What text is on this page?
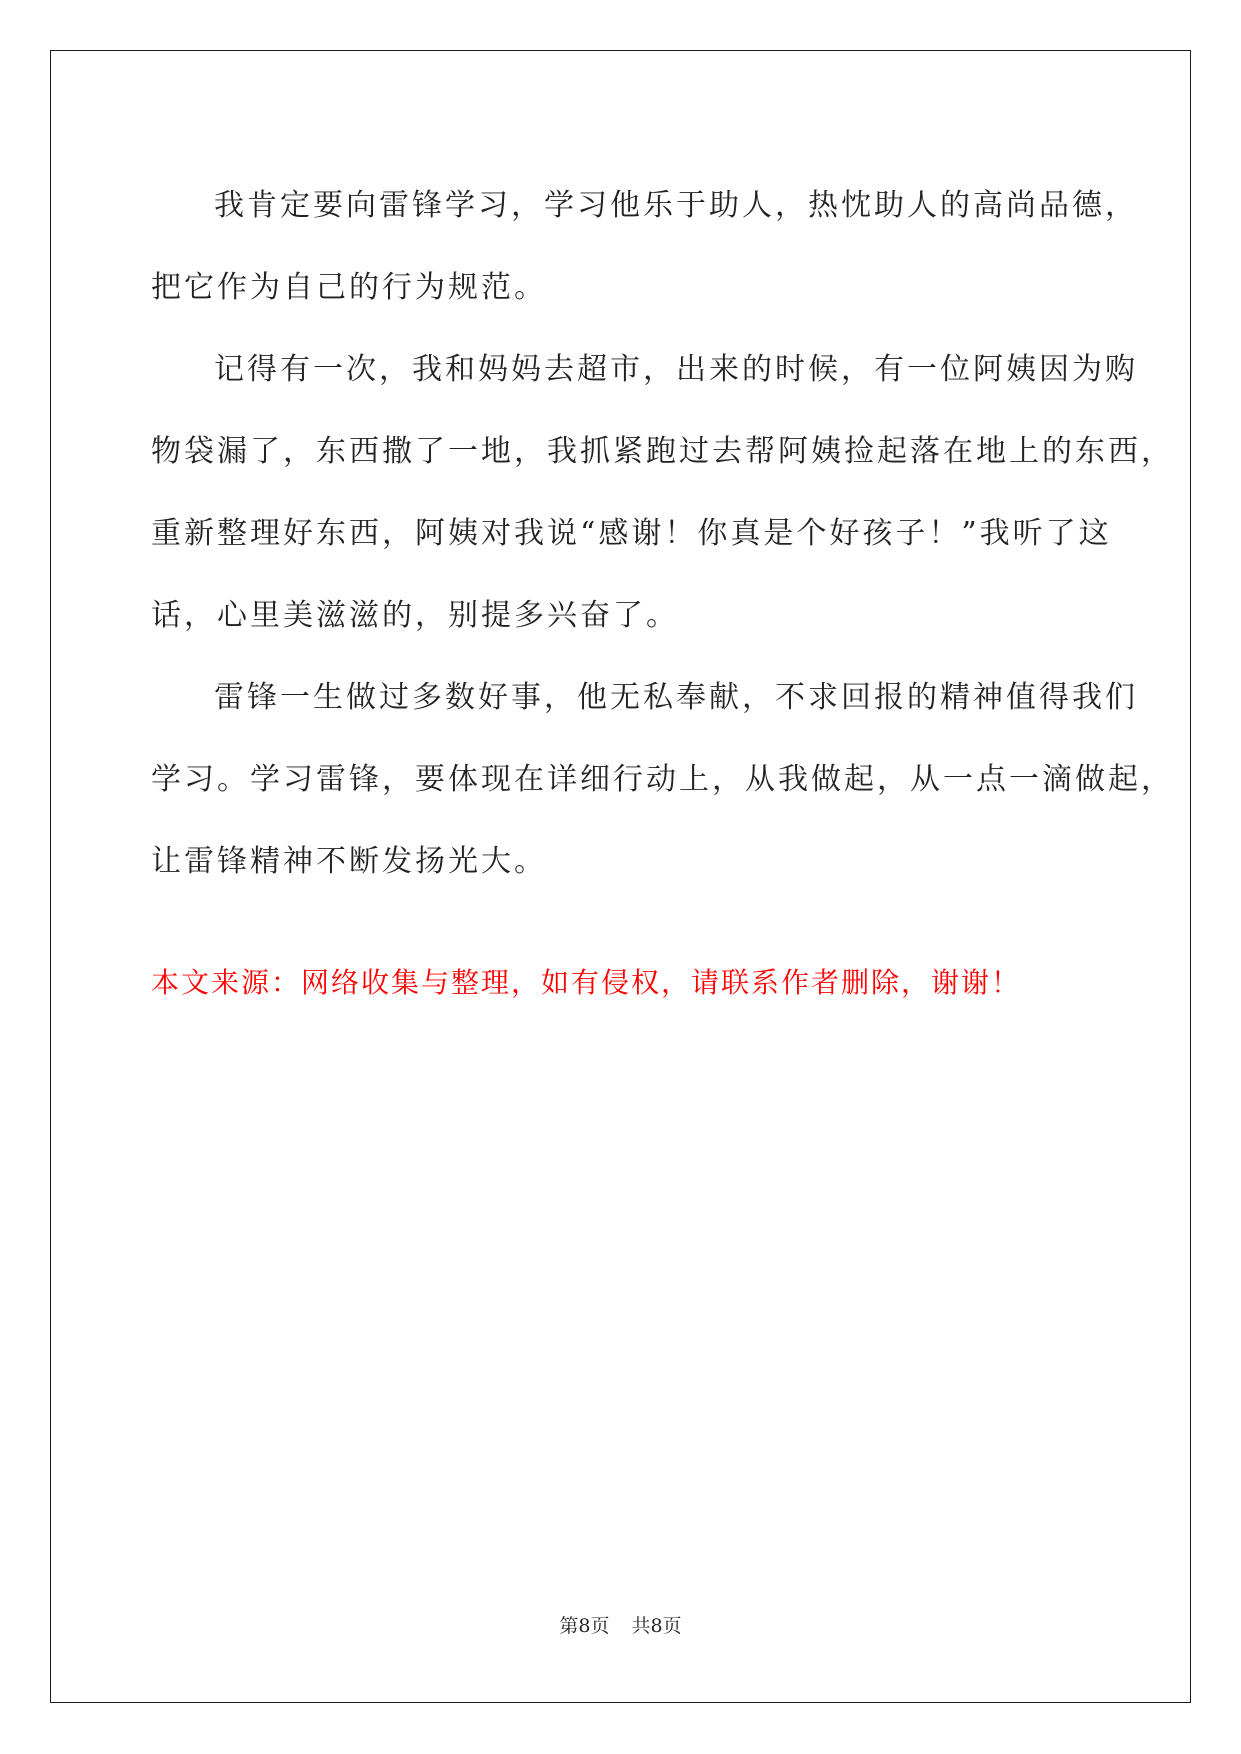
我肯定要向雷锋学习，学习他乐于助人，热忱助人的高尚品德，
把它作为自己的行为规范。
记得有一次，我和妈妈去超市，出来的时候，有一位阿姨因为购
物袋漏了，东西撒了一地，我抓紧跑过去帮阿姨捡起落在地上的东西，
重新整理好东西，阿姨对我说“感谢！你真是个好孩子！”我听了这
话，心里美滋滋的，别提多兴奋了。
雷锋一生做过多数好事，他无私奉献，不求回报的精神值得我们
学习。学习雷锋，要体现在详细行动上，从我做起，从一点一滴做起，
让雷锋精神不断发扬光大。
本文来源：网络收集与整理，如有侵权，请联系作者删除，谢谢！
第8页 共8页
